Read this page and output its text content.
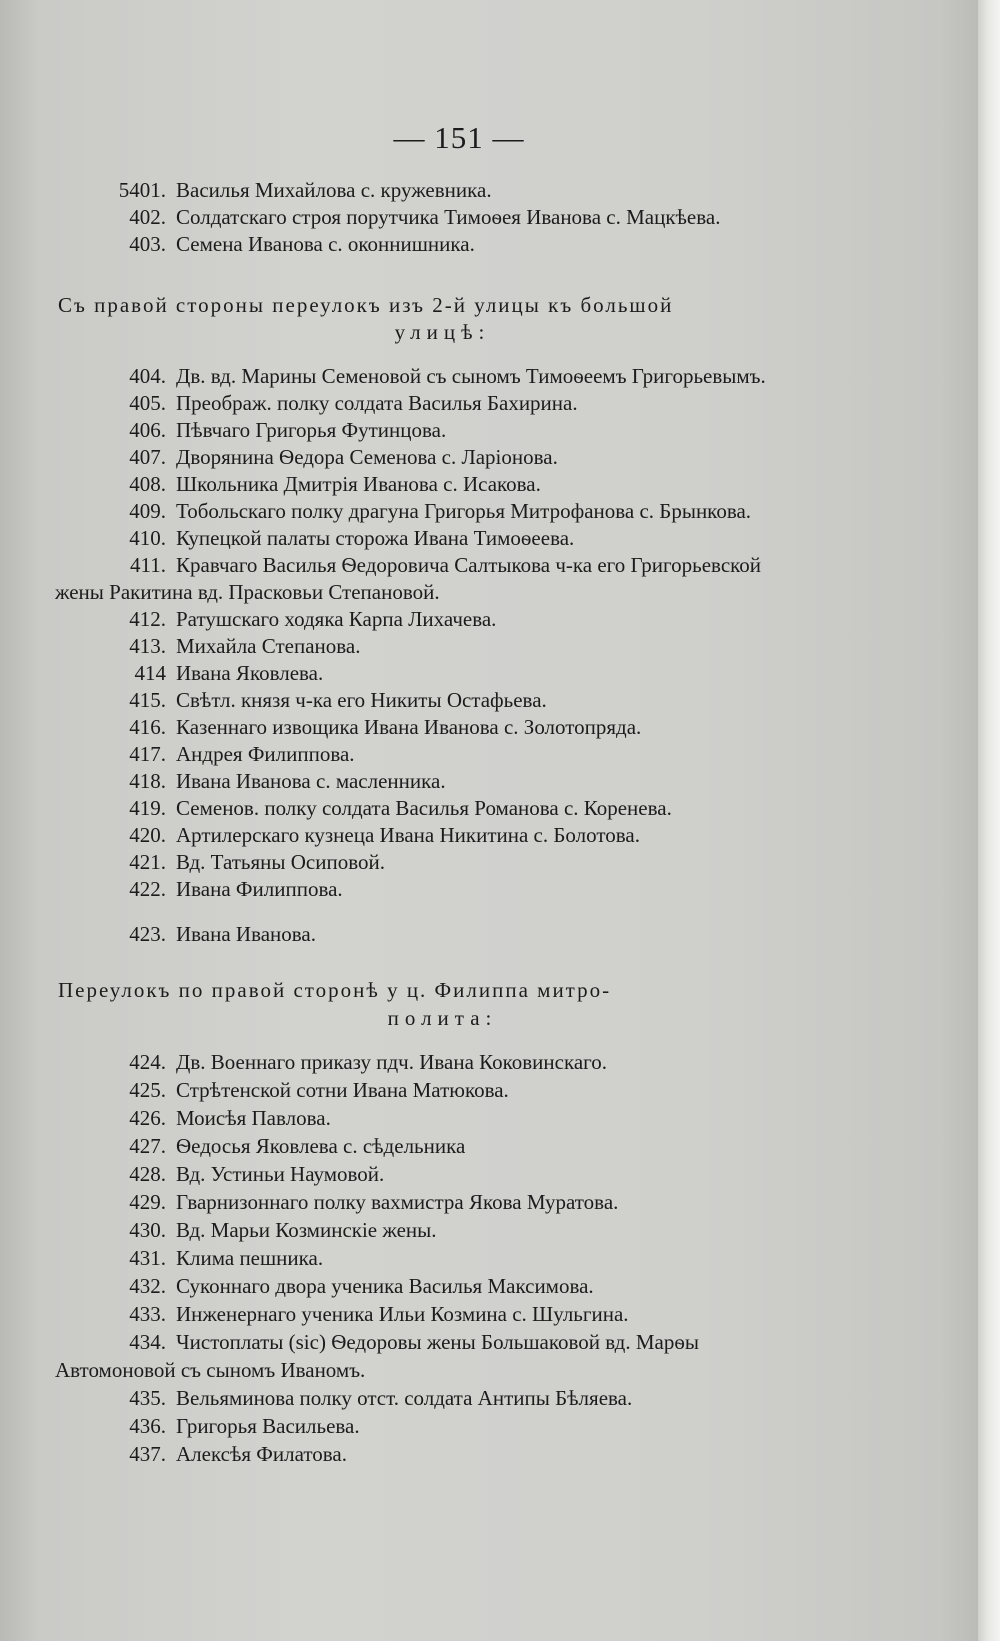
— 151 —
5401. Василья Михайлова с. кружевника.
402. Солдатскаго строя порутчика Тимоѳея Иванова с. Мацкѣева.
403. Семена Иванова с. оконнишника.
Съ правой стороны переулокъ изъ 2-й улицы къ большой
улицѣ:
404. Дв. вд. Марины Семеновой съ сыномъ Тимоѳеемъ Григорьевымъ.
405. Преображ. полку солдата Василья Бахирина.
406. Пѣвчаго Григорья Футинцова.
407. Дворянина Ѳедора Семенова с. Ларіонова.
408. Школьника Дмитрія Иванова с. Исакова.
409. Тобольскаго полку драгуна Григорья Митрофанова с. Брынкова.
410. Купецкой палаты сторожа Ивана Тимоѳеева.
411. Кравчаго Василья Ѳедоровича Салтыкова ч-ка его Григорьевской
жены Ракитина вд. Прасковьи Степановой.
412. Ратушскаго ходяка Карпа Лихачева.
413. Михайла Степанова.
414 Ивана Яковлева.
415. Свѣтл. князя ч-ка его Никиты Остафьева.
416. Казеннаго извощика Ивана Иванова с. Золотопряда.
417. Андрея Филиппова.
418. Ивана Иванова с. масленника.
419. Семенов. полку солдата Василья Романова с. Коренева.
420. Артилерскаго кузнеца Ивана Никитина с. Болотова.
421. Вд. Татьяны Осиповой.
422. Ивана Филиппова.
423. Ивана Иванова.
Переулокъ по правой сторонѣ у ц. Филиппа митро-
полита:
424. Дв. Военнаго приказу пдч. Ивана Коковинскаго.
425. Стрѣтенской сотни Ивана Матюкова.
426. Моисѣя Павлова.
427. Ѳедосья Яковлева с. сѣдельника
428. Вд. Устиньи Наумовой.
429. Гварнизоннаго полку вахмистра Якова Муратова.
430. Вд. Марьи Козминскіе жены.
431. Клима пешника.
432. Суконнаго двора ученика Василья Максимова.
433. Инженернаго ученика Ильи Козмина с. Шульгина.
434. Чистоплаты (sic) Ѳедоровы жены Большаковой вд. Марѳы
Автомоновой съ сыномъ Иваномъ.
435. Вельяминова полку отст. солдата Антипы Бѣляева.
436. Григорья Васильева.
437. Алексѣя Филатова.
